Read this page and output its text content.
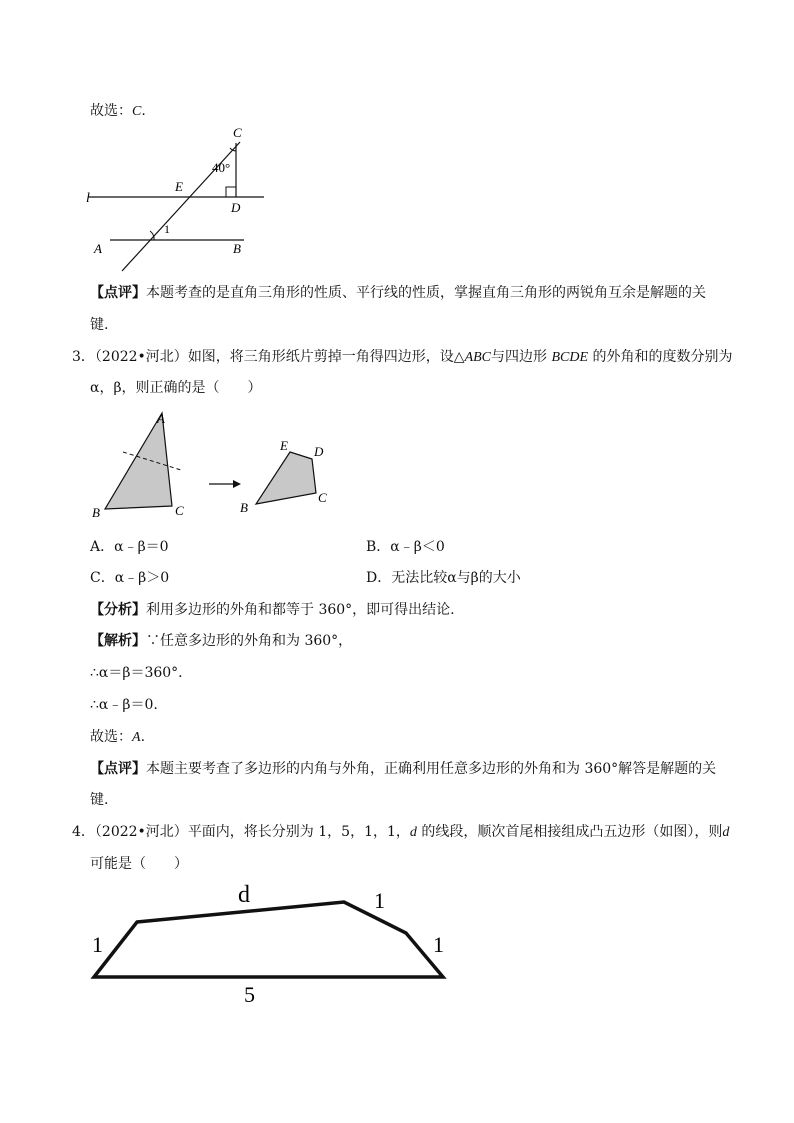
故选：C.
C
40°
E
D
l
A	B
1
【点评】本题考查的是直角三角形的性质、平行线的性质，掌握直角三角形的两锐角互余是解题的关
键.
3．（2022•河北）如图，将三角形纸片剪掉一角得四边形，设△ABC与四边形 BCDE 的外角和的度数分别为
α，β，则正确的是（　　）
A
B	C
E D
B
C
A．α﹣β＝0	B．α﹣β＜0
C．α﹣β＞0	D．无法比较α与β的大小
【分析】利用多边形的外角和都等于 360°，即可得出结论.
【解析】∵任意多边形的外角和为 360°，
∴α＝β＝360°.
∴α﹣β＝0.
故选：A.
【点评】本题主要考查了多边形的内角与外角，正确利用任意多边形的外角和为 360°解答是解题的关
键.
4．（2022•河北）平面内，将长分别为 1，5，1，1，d 的线段，顺次首尾相接组成凸五边形（如图），则d
可能是（　　）
d	1
1	1
5
